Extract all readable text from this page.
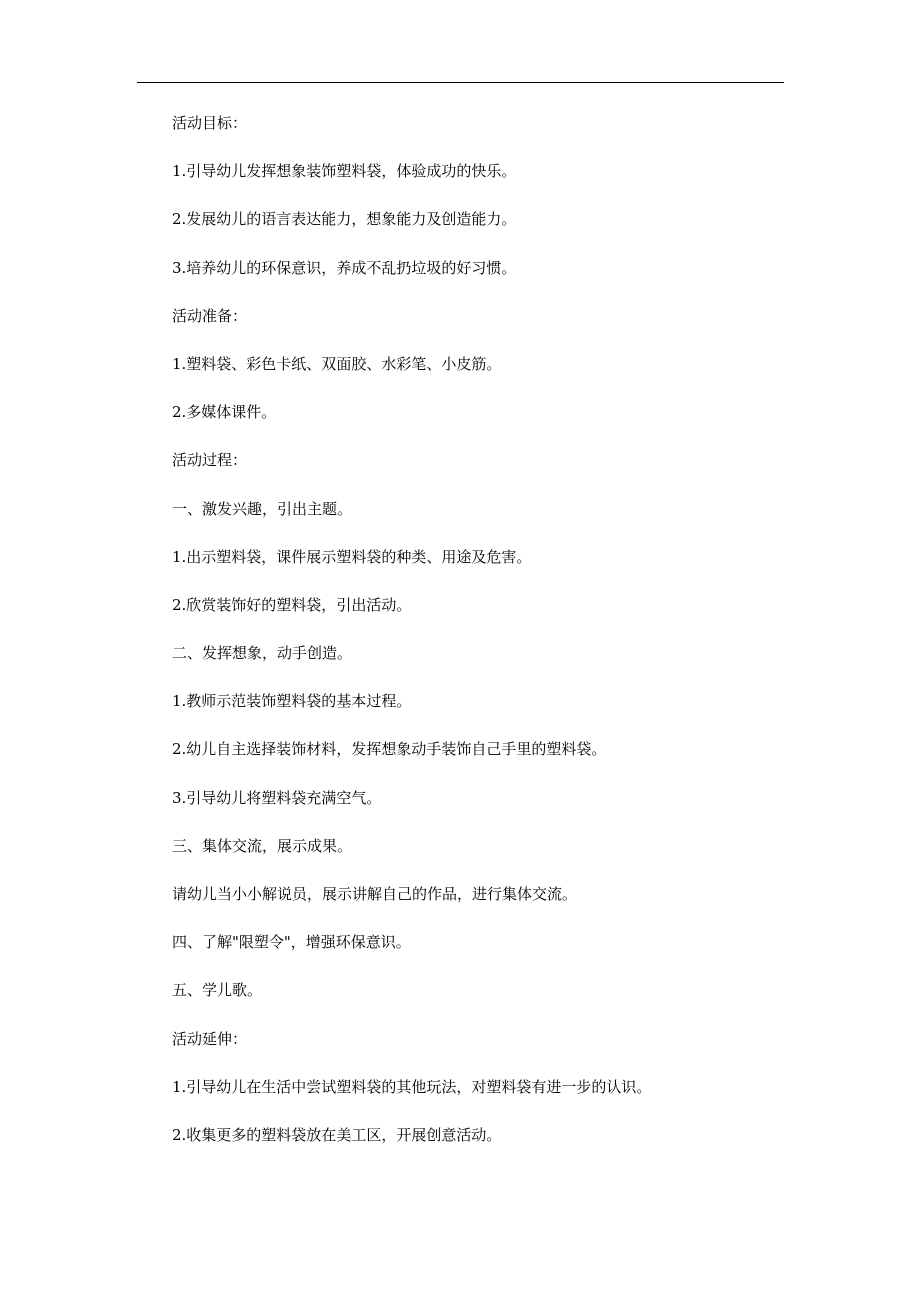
活动目标：

1.引导幼儿发挥想象装饰塑料袋，体验成功的快乐。

2.发展幼儿的语言表达能力，想象能力及创造能力。

3.培养幼儿的环保意识，养成不乱扔垃圾的好习惯。

活动准备：

1.塑料袋、彩色卡纸、双面胶、水彩笔、小皮筋。

2.多媒体课件。

活动过程：

一、激发兴趣，引出主题。

1.出示塑料袋，课件展示塑料袋的种类、用途及危害。

2.欣赏装饰好的塑料袋，引出活动。

二、发挥想象，动手创造。

1.教师示范装饰塑料袋的基本过程。

2.幼儿自主选择装饰材料，发挥想象动手装饰自己手里的塑料袋。

3.引导幼儿将塑料袋充满空气。

三、集体交流，展示成果。

请幼儿当小小解说员，展示讲解自己的作品，进行集体交流。

四、了解"限塑令"，增强环保意识。

五、学儿歌。

活动延伸：

1.引导幼儿在生活中尝试塑料袋的其他玩法，对塑料袋有进一步的认识。

2.收集更多的塑料袋放在美工区，开展创意活动。
